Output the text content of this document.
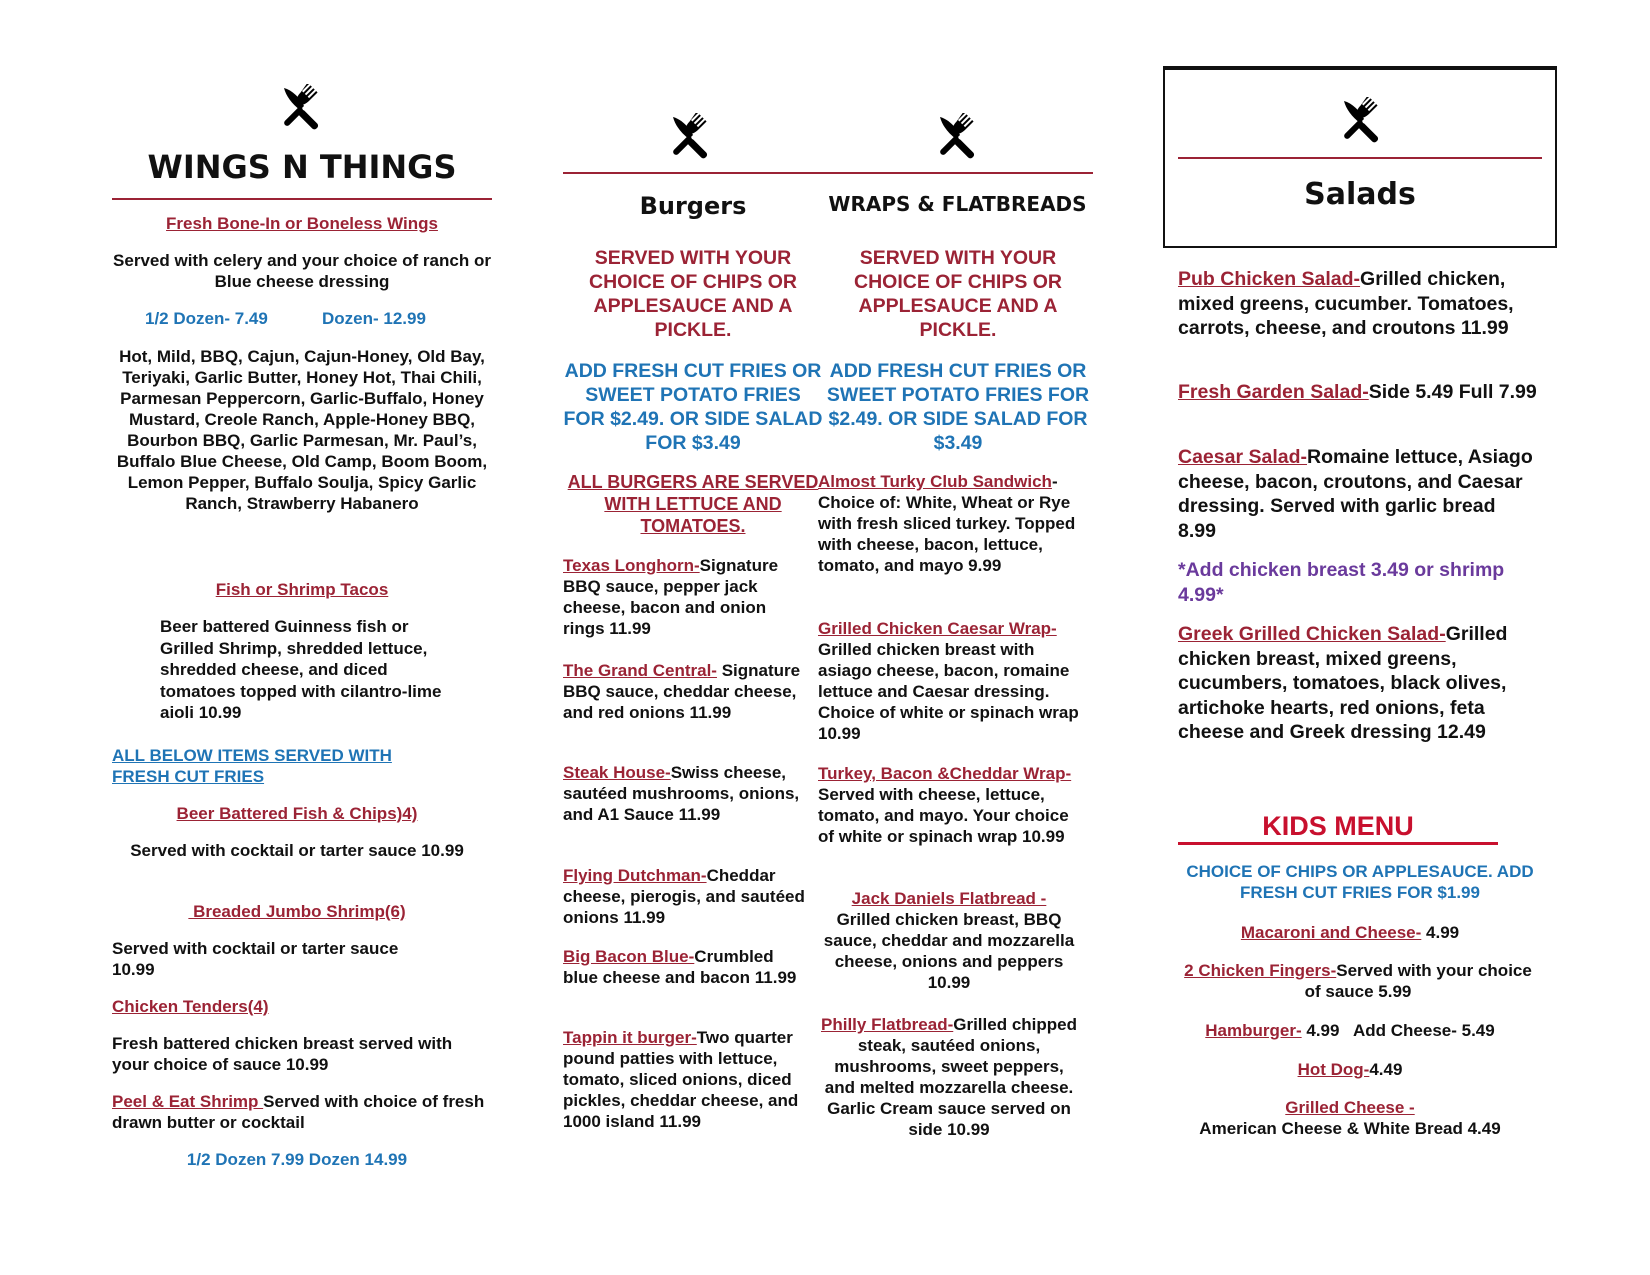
WINGS N THINGS
Fresh Bone-In or Boneless Wings
Served with celery and your choice of ranch or Blue cheese dressing
1/2 Dozen- 7.49	Dozen- 12.99
Hot, Mild, BBQ, Cajun, Cajun-Honey, Old Bay, Teriyaki, Garlic Butter, Honey Hot, Thai Chili, Parmesan Peppercorn, Garlic-Buffalo, Honey Mustard, Creole Ranch, Apple-Honey BBQ, Bourbon BBQ, Garlic Parmesan, Mr. Paul’s, Buffalo Blue Cheese, Old Camp, Boom Boom, Lemon Pepper, Buffalo Soulja, Spicy Garlic Ranch, Strawberry Habanero
Fish or Shrimp Tacos
Beer battered Guinness fish or Grilled Shrimp, shredded lettuce, shredded cheese, and diced tomatoes topped with cilantro-lime aioli 10.99
ALL BELOW ITEMS SERVED WITH FRESH CUT FRIES
Beer Battered Fish & Chips)4)
Served with cocktail or tarter sauce 10.99
Breaded Jumbo Shrimp(6)
Served with cocktail or tarter sauce 10.99
Chicken Tenders(4)
Fresh battered chicken breast served with your choice of sauce 10.99
Peel & Eat Shrimp Served with choice of fresh drawn butter or cocktail
1/2 Dozen 7.99 Dozen 14.99
Burgers	WRAPS & FLATBREADS
SERVED WITH YOUR CHOICE OF CHIPS OR APPLESAUCE AND A PICKLE.
SERVED WITH YOUR CHOICE OF CHIPS OR APPLESAUCE AND A PICKLE.
ADD FRESH CUT FRIES OR SWEET POTATO FRIES FOR $2.49. OR SIDE SALAD FOR $3.49
ADD FRESH CUT FRIES OR SWEET POTATO FRIES FOR $2.49. OR SIDE SALAD FOR $3.49
ALL BURGERS ARE SERVED WITH LETTUCE AND TOMATOES.
Texas Longhorn-Signature BBQ sauce, pepper jack cheese, bacon and onion rings 11.99
The Grand Central- Signature BBQ sauce, cheddar cheese, and red onions 11.99
Steak House-Swiss cheese, sautéed mushrooms, onions, and A1 Sauce 11.99
Flying Dutchman-Cheddar cheese, pierogis, and sautéed onions 11.99
Big Bacon Blue-Crumbled blue cheese and bacon 11.99
Tappin it burger-Two quarter pound patties with lettuce, tomato, sliced onions, diced pickles, cheddar cheese, and 1000 island 11.99
Almost Turky Club Sandwich- Choice of: White, Wheat or Rye with fresh sliced turkey. Topped with cheese, bacon, lettuce, tomato, and mayo 9.99
Grilled Chicken Caesar Wrap-Grilled chicken breast with asiago cheese, bacon, romaine lettuce and Caesar dressing. Choice of white or spinach wrap 10.99
Turkey, Bacon &Cheddar Wrap-Served with cheese, lettuce, tomato, and mayo. Your choice of white or spinach wrap 10.99
Jack Daniels Flatbread -
Grilled chicken breast, BBQ sauce, cheddar and mozzarella cheese, onions and peppers 10.99
Philly Flatbread-Grilled chipped steak, sautéed onions, mushrooms, sweet peppers, and melted mozzarella cheese. Garlic Cream sauce served on side 10.99
Salads
Pub Chicken Salad-Grilled chicken, mixed greens, cucumber. Tomatoes, carrots, cheese, and croutons 11.99
Fresh Garden Salad-Side 5.49 Full 7.99
Caesar Salad-Romaine lettuce, Asiago cheese, bacon, croutons, and Caesar dressing. Served with garlic bread 8.99
*Add chicken breast 3.49 or shrimp 4.99*
Greek Grilled Chicken Salad-Grilled chicken breast, mixed greens, cucumbers, tomatoes, black olives, artichoke hearts, red onions, feta cheese and Greek dressing 12.49
KIDS MENU
CHOICE OF CHIPS OR APPLESAUCE. ADD FRESH CUT FRIES FOR $1.99
Macaroni and Cheese- 4.99
2 Chicken Fingers-Served with your choice of sauce 5.99
Hamburger- 4.99   Add Cheese- 5.49
Hot Dog-4.49
Grilled Cheese -
American Cheese & White Bread 4.49
